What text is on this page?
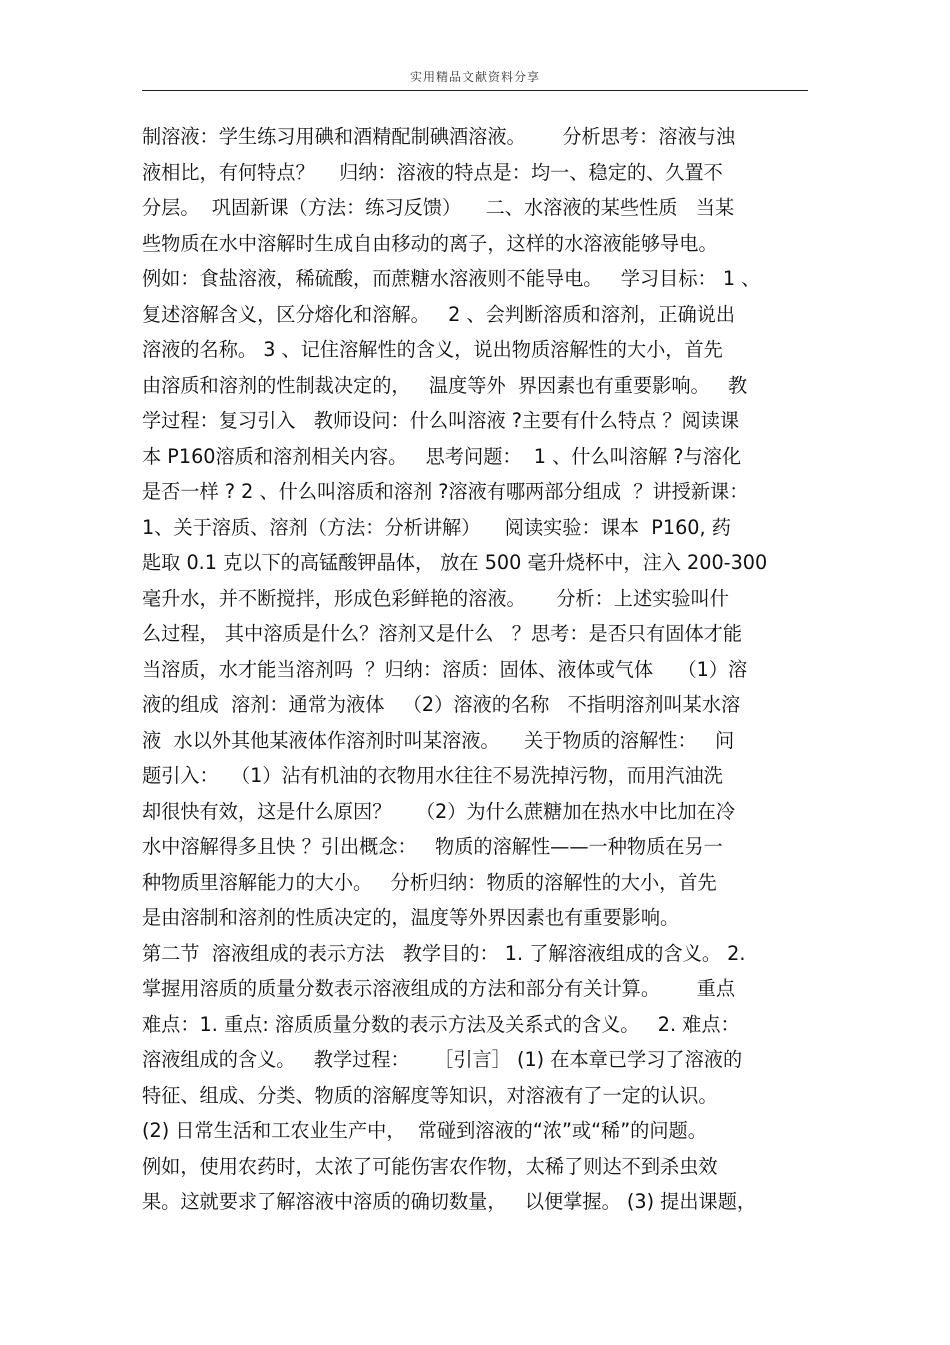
实用精品文献资料分享
制溶液：学生练习用碘和酒精配制碘酒溶液。      分析思考：溶液与浊
液相比，有何特点？    归纳：溶液的特点是：均一、稳定的、久置不
分层。  巩固新课（方法：练习反馈）    二、水溶液的某些性质   当某
些物质在水中溶解时生成自由移动的离子，这样的水溶液能够导电。
例如：食盐溶液，稀硫酸，而蔗糖水溶液则不能导电。   学习目标： 1 、
复述溶解含义，区分熔化和溶解。   2 、会判断溶质和溶剂，正确说出
溶液的名称。 3 、记住溶解性的含义，说出物质溶解性的大小，首先
由溶质和溶剂的性制裁决定的，   温度等外  界因素也有重要影响。   教
学过程：复习引入   教师设问：什么叫溶液 ?主要有什么特点 ？阅读课
本 P160溶质和溶剂相关内容。   思考问题：  1 、什么叫溶解 ?与溶化
是否一样 ? 2 、什么叫溶质和溶剂 ?溶液有哪两部分组成  ？讲授新课：
1、关于溶质、溶剂（方法：分析讲解）    阅读实验：课本  P160, 药
匙取 0.1 克以下的高锰酸钾晶体， 放在 500 毫升烧杯中，注入 200-300
毫升水，并不断搅拌，形成色彩鲜艳的溶液。     分析：上述实验叫什
么过程， 其中溶质是什么？溶剂又是什么   ？思考：是否只有固体才能
当溶质，水才能当溶剂吗  ？归纳：溶质：固体、液体或气体    （1）溶
液的组成  溶剂：通常为液体   （2）溶液的名称   不指明溶剂叫某水溶
液  水以外其他某液体作溶剂时叫某溶液。    关于物质的溶解性：   问
题引入：  （1）沾有机油的衣物用水往往不易洗掉污物，而用汽油洗
却很快有效，这是什么原因？    （2）为什么蔗糖加在热水中比加在冷
水中溶解得多且快 ？引出概念：   物质的溶解性——一种物质在另一
种物质里溶解能力的大小。   分析归纳：物质的溶解性的大小，首先
是由溶制和溶剂的性质决定的，温度等外界因素也有重要影响。
第二节  溶液组成的表示方法   教学目的： 1. 了解溶液组成的含义。 2.
掌握用溶质的质量分数表示溶液组成的方法和部分有关计算。      重点
难点：1. 重点: 溶质质量分数的表示方法及关系式的含义。   2. 难点：
溶液组成的含义。   教学过程：    ［引言］ (1) 在本章已学习了溶液的
特征、组成、分类、物质的溶解度等知识，对溶液有了一定的认识。
(2) 日常生活和工农业生产中，  常碰到溶液的“浓”或“稀”的问题。
例如，使用农药时，太浓了可能伤害农作物，太稀了则达不到杀虫效
果。这就要求了解溶液中溶质的确切数量，   以便掌握。 (3) 提出课题，
